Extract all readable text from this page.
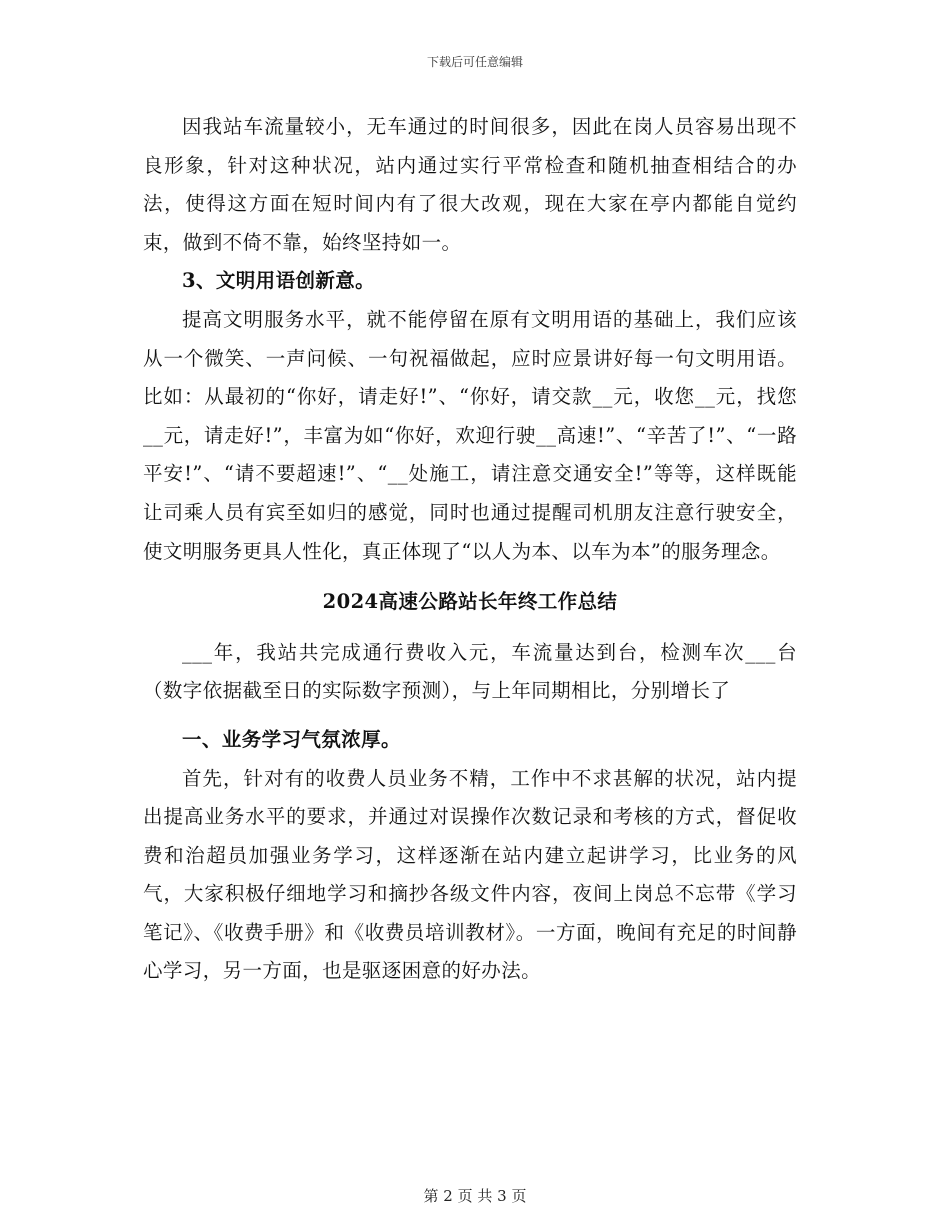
下载后可任意编辑

因我站车流量较小，无车通过的时间很多，因此在岗人员容易出现不良形象，针对这种状况，站内通过实行平常检查和随机抽查相结合的办法，使得这方面在短时间内有了很大改观，现在大家在亭内都能自觉约束，做到不倚不靠，始终坚持如一。

3、文明用语创新意。

提高文明服务水平，就不能停留在原有文明用语的基础上，我们应该从一个微笑、一声问候、一句祝福做起，应时应景讲好每一句文明用语。比如：从最初的“你好，请走好!”、“你好，请交款__元，收您__元，找您__元，请走好!”，丰富为如“你好，欢迎行驶__高速!”、“辛苦了!”、“一路平安!”、“请不要超速!”、“__处施工，请注意交通安全!”等等，这样既能让司乘人员有宾至如归的感觉，同时也通过提醒司机朋友注意行驶安全，使文明服务更具人性化，真正体现了“以人为本、以车为本”的服务理念。

2024高速公路站长年终工作总结

___年，我站共完成通行费收入元，车流量达到台，检测车次___台（数字依据截至日的实际数字预测），与上年同期相比，分别增长了

一、业务学习气氛浓厚。

首先，针对有的收费人员业务不精，工作中不求甚解的状况，站内提出提高业务水平的要求，并通过对误操作次数记录和考核的方式，督促收费和治超员加强业务学习，这样逐渐在站内建立起讲学习，比业务的风气，大家积极仔细地学习和摘抄各级文件内容，夜间上岗总不忘带《学习笔记》、《收费手册》和《收费员培训教材》。一方面，晚间有充足的时间静心学习，另一方面，也是驱逐困意的好办法。

第 2 页 共 3 页
